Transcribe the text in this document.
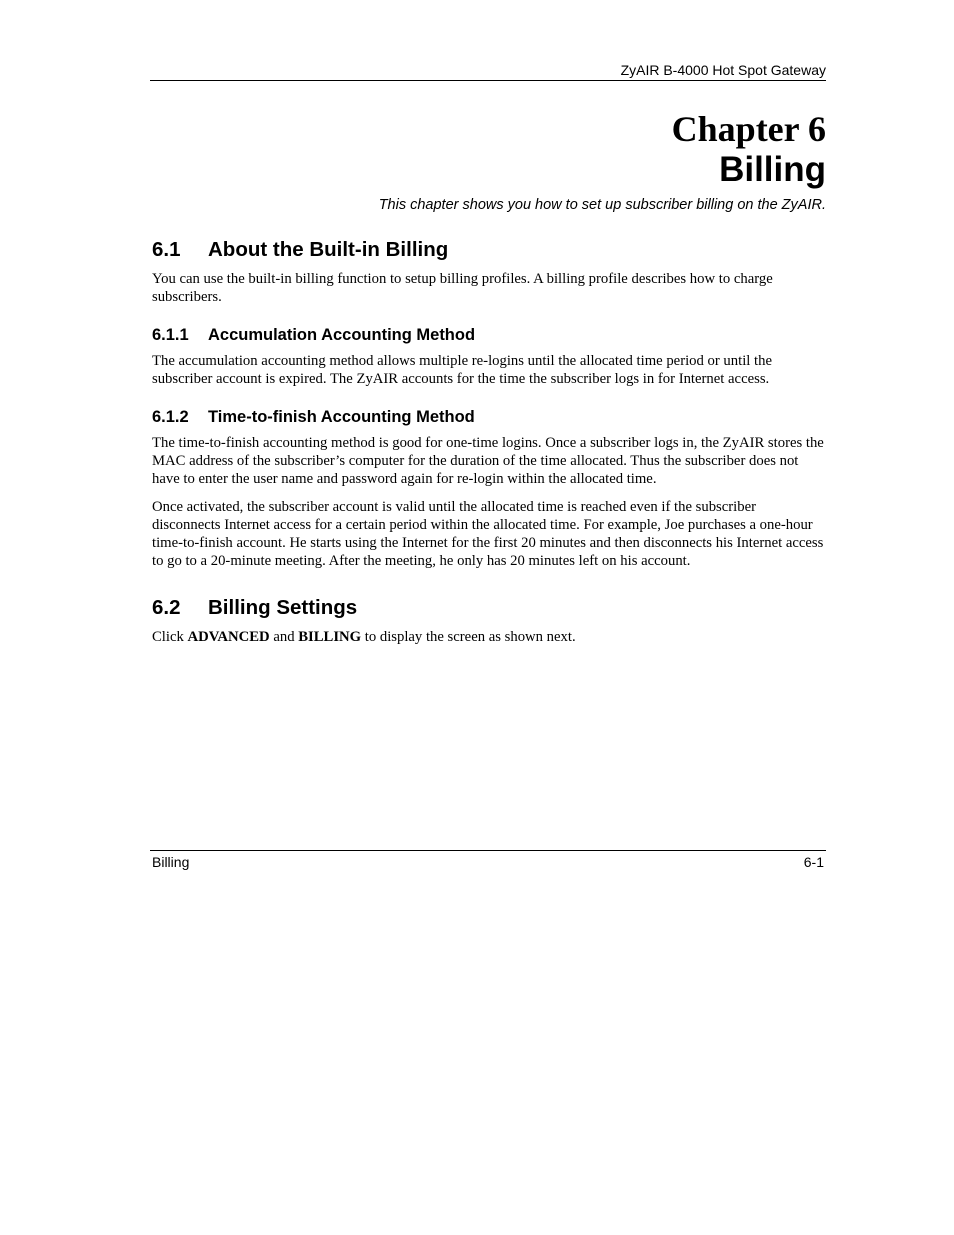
ZyAIR B-4000 Hot Spot Gateway
Chapter 6
Billing
This chapter shows you how to set up subscriber billing on the ZyAIR.
6.1 About the Built-in Billing

You can use the built-in billing function to setup billing profiles. A billing profile describes how to charge subscribers.

6.1.1 Accumulation Accounting Method

The accumulation accounting method allows multiple re-logins until the allocated time period or until the subscriber account is expired. The ZyAIR accounts for the time the subscriber logs in for Internet access.

6.1.2 Time-to-finish Accounting Method

The time-to-finish accounting method is good for one-time logins. Once a subscriber logs in, the ZyAIR stores the MAC address of the subscriber’s computer for the duration of the time allocated. Thus the subscriber does not have to enter the user name and password again for re-login within the allocated time.

Once activated, the subscriber account is valid until the allocated time is reached even if the subscriber disconnects Internet access for a certain period within the allocated time. For example, Joe purchases a one-hour time-to-finish account. He starts using the Internet for the first 20 minutes and then disconnects his Internet access to go to a 20-minute meeting. After the meeting, he only has 20 minutes left on his account.

6.2 Billing Settings

Click ADVANCED and BILLING to display the screen as shown next.

Billing	6-1
